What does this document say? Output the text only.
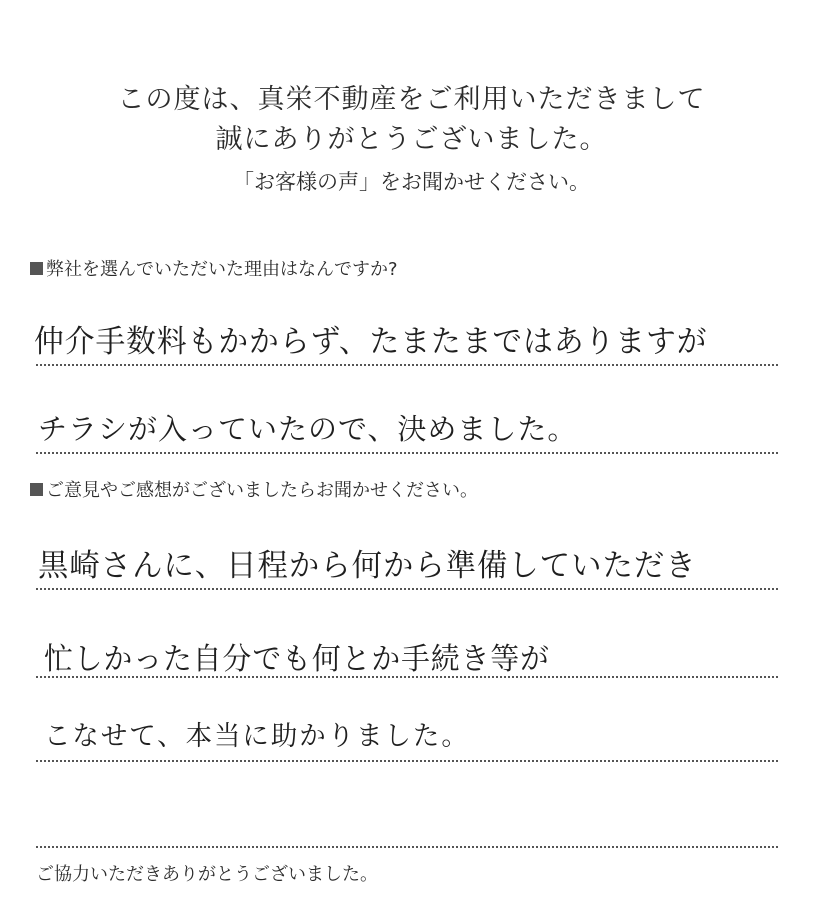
この度は、真栄不動産をご利用いただきまして
誠にありがとうございました。
「お客様の声」をお聞かせください。
弊社を選んでいただいた理由はなんですか?
仲介手数料もかからず、たまたまではありますが
チラシが入っていたので、決めました。
ご意見やご感想がございましたらお聞かせください。
黒崎さんに、日程から何から準備していただき
忙しかった自分でも何とか手続き等が
こなせて、本当に助かりました。
ご協力いただきありがとうございました。
